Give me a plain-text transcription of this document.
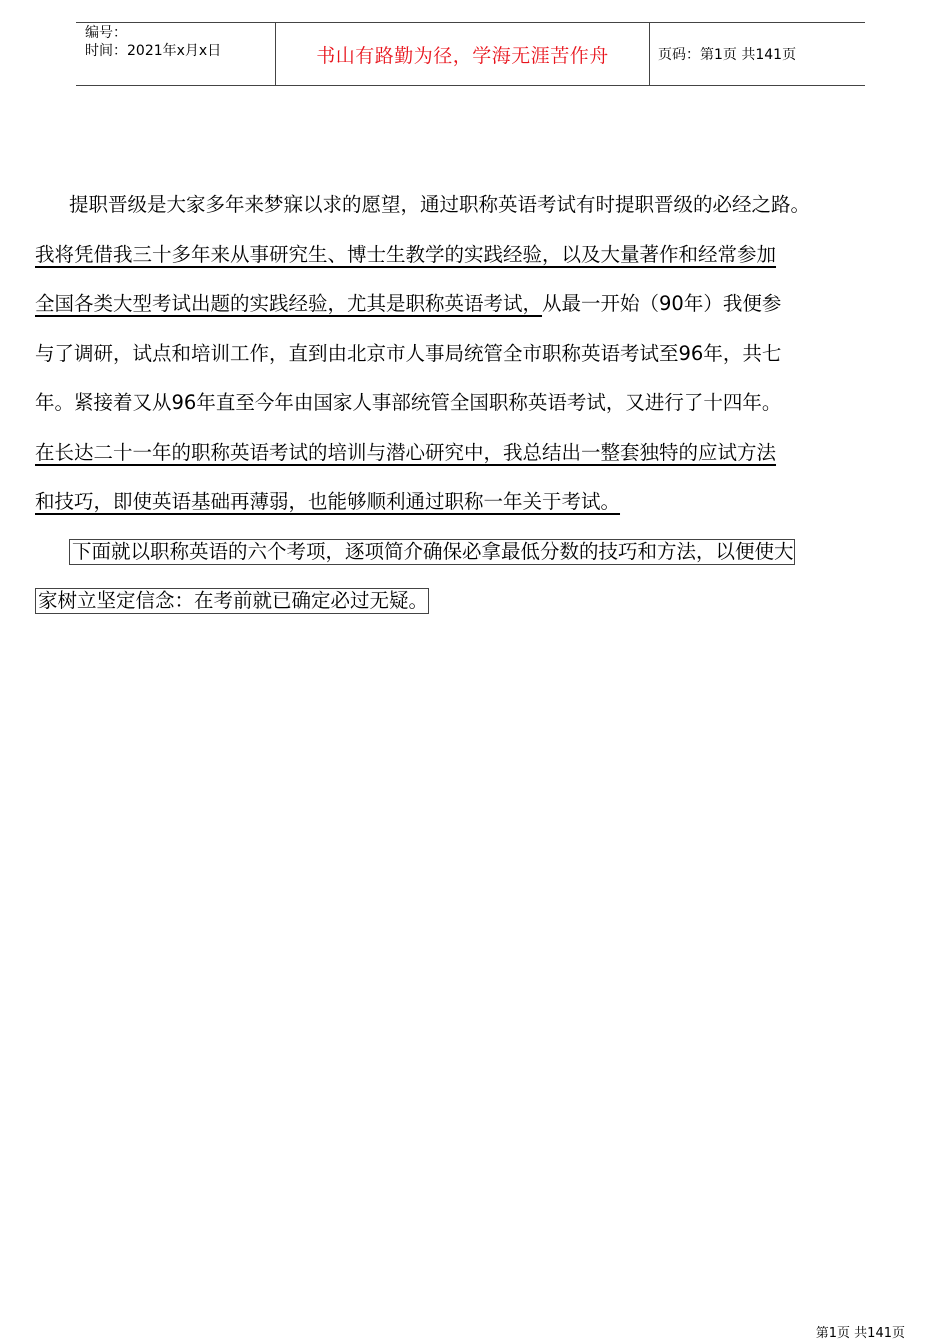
编号：
时间：2021年x月x日	书山有路勤为径，学海无涯苦作舟	页码：第1页 共141页
提职晋级是大家多年来梦寐以求的愿望，通过职称英语考试有时提职晋级的必经之路。
我将凭借我三十多年来从事研究生、博士生教学的实践经验，以及大量著作和经常参加
全国各类大型考试出题的实践经验，尤其是职称英语考试，从最一开始（90年）我便参
与了调研，试点和培训工作，直到由北京市人事局统管全市职称英语考试至96年，共七
年。紧接着又从96年直至今年由国家人事部统管全国职称英语考试，又进行了十四年。
在长达二十一年的职称英语考试的培训与潜心研究中，我总结出一整套独特的应试方法
和技巧，即使英语基础再薄弱，也能够顺利通过职称一年关于考试。
下面就以职称英语的六个考项，逐项简介确保必拿最低分数的技巧和方法，以便使大
家树立坚定信念：在考前就已确定必过无疑。
第1页 共141页
